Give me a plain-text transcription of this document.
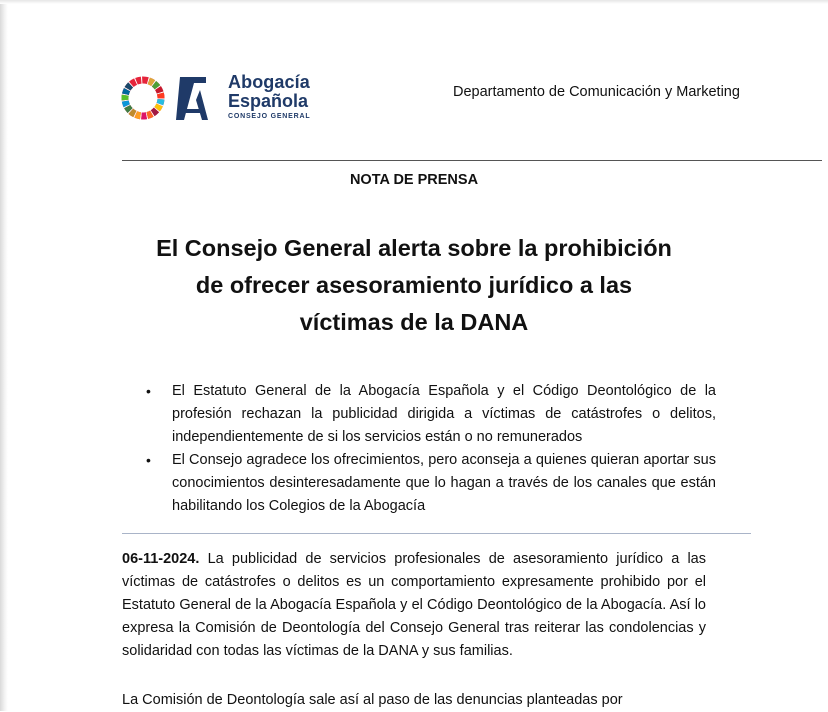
Abogacía
Española
CONSEJO GENERAL
Departamento de Comunicación y Marketing
NOTA DE PRENSA
El Consejo General alerta sobre la prohibición
de ofrecer asesoramiento jurídico a las
víctimas de la DANA
• El Estatuto General de la Abogacía Española y el Código Deontológico de la profesión rechazan la publicidad dirigida a víctimas de catástrofes o delitos, independientemente de si los servicios están o no remunerados
• El Consejo agradece los ofrecimientos, pero aconseja a quienes quieran aportar sus conocimientos desinteresadamente que lo hagan a través de los canales que están habilitando los Colegios de la Abogacía

06-11-2024. La publicidad de servicios profesionales de asesoramiento jurídico a las víctimas de catástrofes o delitos es un comportamiento expresamente prohibido por el Estatuto General de la Abogacía Española y el Código Deontológico de la Abogacía. Así lo expresa la Comisión de Deontología del Consejo General tras reiterar las condolencias y solidaridad con todas las víctimas de la DANA y sus familias.

La Comisión de Deontología sale así al paso de las denuncias planteadas por
